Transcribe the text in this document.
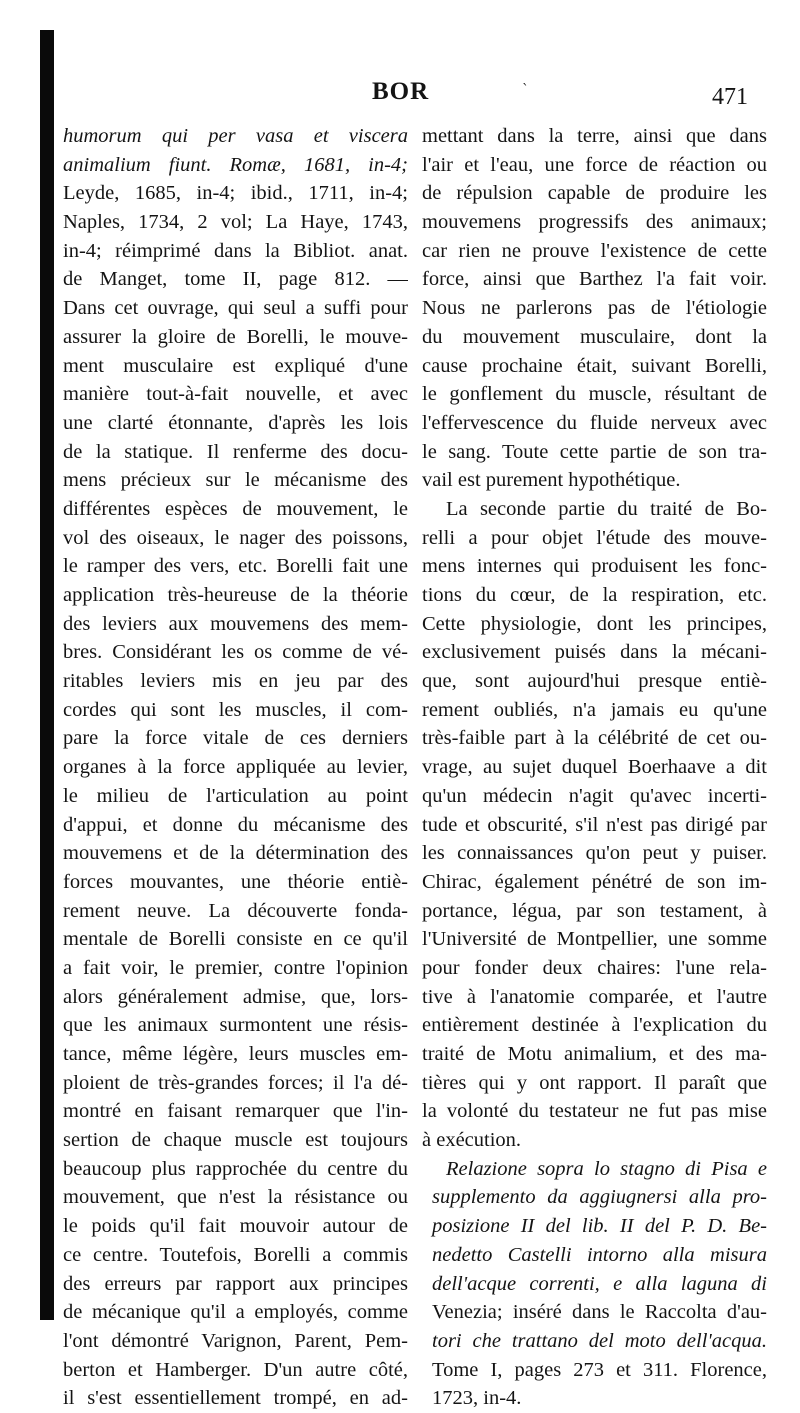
BOR	ˋ	471
humorum qui per vasa et viscera
animalium fiunt. Romæ, 1681, in-4;
Leyde, 1685, in-4; ibid., 1711, in-4;
Naples, 1734, 2 vol; La Haye, 1743,
in-4; réimprimé dans la Bibliot. anat.
de Manget, tome II, page 812. —
Dans cet ouvrage, qui seul a suffi pour
assurer la gloire de Borelli, le mouve-
ment musculaire est expliqué d'une
manière tout-à-fait nouvelle, et avec
une clarté étonnante, d'après les lois
de la statique. Il renferme des docu-
mens précieux sur le mécanisme des
différentes espèces de mouvement, le
vol des oiseaux, le nager des poissons,
le ramper des vers, etc. Borelli fait une
application très-heureuse de la théorie
des leviers aux mouvemens des mem-
bres. Considérant les os comme de vé-
ritables leviers mis en jeu par des
cordes qui sont les muscles, il com-
pare la force vitale de ces derniers
organes à la force appliquée au levier,
le milieu de l'articulation au point
d'appui, et donne du mécanisme des
mouvemens et de la détermination des
forces mouvantes, une théorie entiè-
rement neuve. La découverte fonda-
mentale de Borelli consiste en ce qu'il
a fait voir, le premier, contre l'opinion
alors généralement admise, que, lors-
que les animaux surmontent une résis-
tance, même légère, leurs muscles em-
ploient de très-grandes forces; il l'a dé-
montré en faisant remarquer que l'in-
sertion de chaque muscle est toujours
beaucoup plus rapprochée du centre du
mouvement, que n'est la résistance ou
le poids qu'il fait mouvoir autour de
ce centre. Toutefois, Borelli a commis
des erreurs par rapport aux principes
de mécanique qu'il a employés, comme
l'ont démontré Varignon, Parent, Pem-
berton et Hamberger. D'un autre côté,
il s'est essentiellement trompé, en ad-
mettant dans la terre, ainsi que dans
l'air et l'eau, une force de réaction ou
de répulsion capable de produire les
mouvemens progressifs des animaux;
car rien ne prouve l'existence de cette
force, ainsi que Barthez l'a fait voir.
Nous ne parlerons pas de l'étiologie
du mouvement musculaire, dont la
cause prochaine était, suivant Borelli,
le gonflement du muscle, résultant de
l'effervescence du fluide nerveux avec
le sang. Toute cette partie de son tra-
vail est purement hypothétique.
La seconde partie du traité de Bo-
relli a pour objet l'étude des mouve-
mens internes qui produisent les fonc-
tions du cœur, de la respiration, etc.
Cette physiologie, dont les principes,
exclusivement puisés dans la mécani-
que, sont aujourd'hui presque entiè-
rement oubliés, n'a jamais eu qu'une
très-faible part à la célébrité de cet ou-
vrage, au sujet duquel Boerhaave a dit
qu'un médecin n'agit qu'avec incerti-
tude et obscurité, s'il n'est pas dirigé par
les connaissances qu'on peut y puiser.
Chirac, également pénétré de son im-
portance, légua, par son testament, à
l'Université de Montpellier, une somme
pour fonder deux chaires: l'une rela-
tive à l'anatomie comparée, et l'autre
entièrement destinée à l'explication du
traité de Motu animalium, et des ma-
tières qui y ont rapport. Il paraît que
la volonté du testateur ne fut pas mise
à exécution.
Relazione sopra lo stagno di Pisa e
supplemento da aggiugnersi alla pro-
posizione II del lib. II del P. D. Be-
nedetto Castelli intorno alla misura
dell'acque correnti, e alla laguna di
Venezia; inséré dans le Raccolta d'au-
tori che trattano del moto dell'acqua.
Tome I, pages 273 et 311. Florence,
1723, in-4.
